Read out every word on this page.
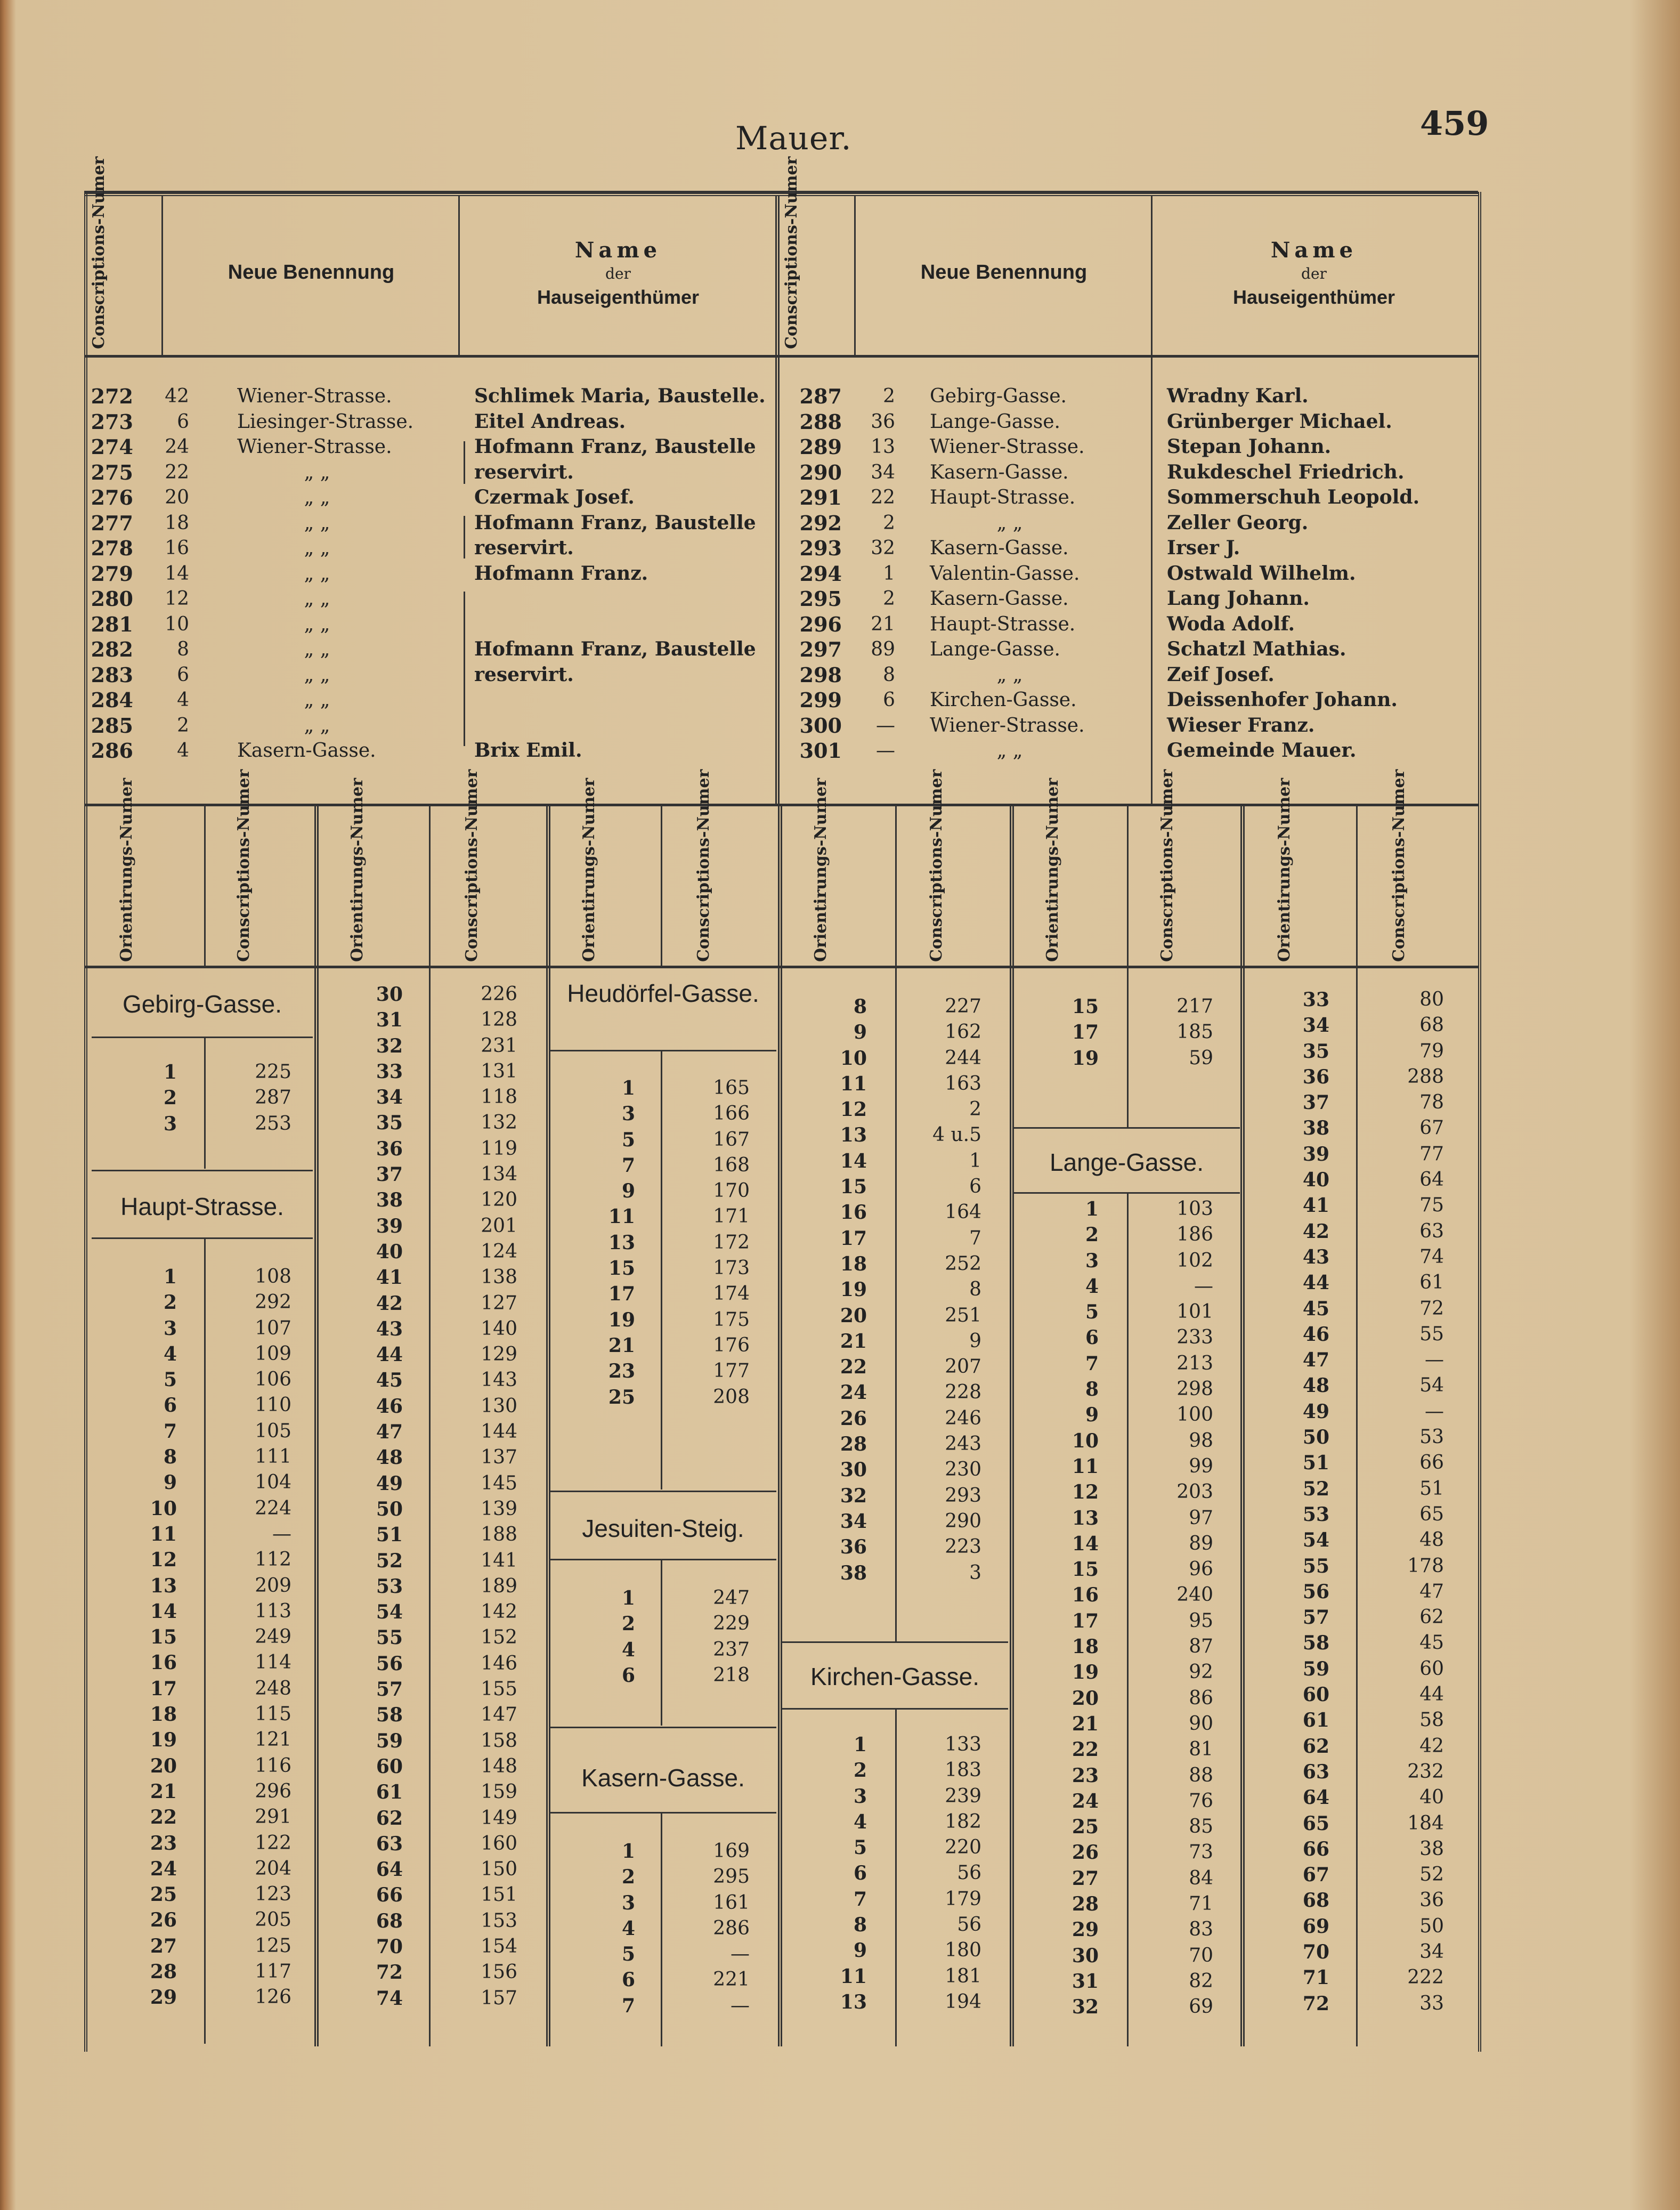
Mauer.	459
Conscriptions-Numer	Neue Benennung
Name
der
Hauseigenthümer	Conscriptions-Numer	Neue Benennung
Name
der
Hauseigenthümer
272	42	Wiener-Strasse.	Schlimek Maria, Baustelle.
273	6	Liesinger-Strasse.	Eitel Andreas.
274	24	Wiener-Strasse.	Hofmann Franz, Baustelle
275	22	„ „	reservirt.
276	20	„ „	Czermak Josef.
277	18	„ „	Hofmann Franz, Baustelle
278	16	„ „	reservirt.
279	14	„ „	Hofmann Franz.
280	12	„ „
281	10	„ „
282	8	„ „	Hofmann Franz, Baustelle
283	6	„ „	reservirt.
284	4	„ „
285	2	„ „
286	4	Kasern-Gasse.	Brix Emil.
287	2 Gebirg-Gasse.	Wradny Karl.
288	36 Lange-Gasse.	Grünberger Michael.
289	13 Wiener-Strasse.	Stepan Johann.
290	34 Kasern-Gasse.	Rukdeschel Friedrich.
291	22 Haupt-Strasse.	Sommerschuh Leopold.
292	2	„ „	Zeller Georg.
293	32 Kasern-Gasse.	Irser J.
294	1 Valentin-Gasse.	Ostwald Wilhelm.
295	2 Kasern-Gasse.	Lang Johann.
296	21 Haupt-Strasse.	Woda Adolf.
297	89 Lange-Gasse.	Schatzl Mathias.
298	8	„ „	Zeif Josef.
299	6 Kirchen-Gasse.	Deissenhofer Johann.
300	— Wiener-Strasse.	Wieser Franz.
301	—	„ „	Gemeinde Mauer.
Orientirungs-Numer	Conscriptions-Numer	Orientirungs-Numer	Conscriptions-Numer	Orientirungs-Numer	Conscriptions-Numer	Orientirungs-Numer	Conscriptions-Numer	Orientirungs-Numer	Conscriptions-Numer	Orientirungs-Numer	Conscriptions-Numer
Gebirg-Gasse.
1	225
2	287
3	253
Haupt-Strasse.
1	108
2	292
3	107
4	109
5	106
6	110
7	105
8	111
9	104
10	224
11	—
12	112
13	209
14	113
15	249
16	114
17	248
18	115
19	121
20	116
21	296
22	291
23	122
24	204
25	123
26	205
27	125
28	117
29	126
30	226
31	128
32	231
33	131
34	118
35	132
36	119
37	134
38	120
39	201
40	124
41	138
42	127
43	140
44	129
45	143
46	130
47	144
48	137
49	145
50	139
51	188
52	141
53	189
54	142
55	152
56	146
57	155
58	147
59	158
60	148
61	159
62	149
63	160
64	150
66	151
68	153
70	154
72	156
74	157
Heudörfel-Gasse.
1	165
3	166
5	167
7	168
9	170
11	171
13	172
15	173
17	174
19	175
21	176
23	177
25	208
Jesuiten-Steig.
1	247
2	229
4	237
6	218
Kasern-Gasse.
1	169
2	295
3	161
4	286
5	—
6	221
7	—
8	227
9	162
10	244
11	163
12	2
13	4 u.5
14	1
15	6
16	164
17	7
18	252
19	8
20	251
21	9
22	207
24	228
26	246
28	243
30	230
32	293
34	290
36	223
38	3
Kirchen-Gasse.
1	133
2	183
3	239
4	182
5	220
6	56
7	179
8	56
9	180
11	181
13	194
15	217
17	185
19	59
Lange-Gasse.
1	103
2	186
3	102
4	—
5	101
6	233
7	213
8	298
9	100
10	98
11	99
12	203
13	97
14	89
15	96
16	240
17	95
18	87
19	92
20	86
21	90
22	81
23	88
24	76
25	85
26	73
27	84
28	71
29	83
30	70
31	82
32	69
33	80
34	68
35	79
36	288
37	78
38	67
39	77
40	64
41	75
42	63
43	74
44	61
45	72
46	55
47	—
48	54
49	—
50	53
51	66
52	51
53	65
54	48
55	178
56	47
57	62
58	45
59	60
60	44
61	58
62	42
63	232
64	40
65	184
66	38
67	52
68	36
69	50
70	34
71	222
72	33
